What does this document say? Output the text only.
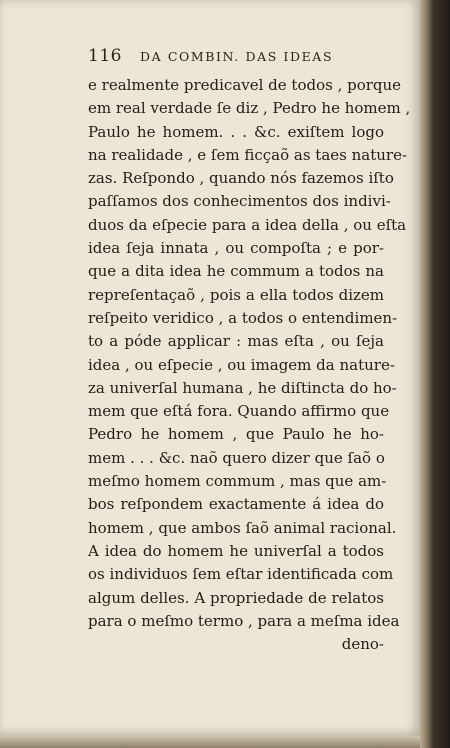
116 DA COMBIN. DAS IDEAS
e realmente predicavel de todos , porque
em real verdade ſe diz , Pedro he homem ,
Paulo he homem. . . &c. exiſtem logo
na realidade , e ſem ficçaõ as taes nature-
zas. Reſpondo , quando nós fazemos iſto
paſſamos dos conhecimentos dos indivi-
duos da eſpecie para a idea della , ou eſta
idea ſeja innata , ou compoſta ; e por-
que a dita idea he commum a todos na
repreſentaçaõ , pois a ella todos dizem
reſpeito veridico , a todos o entendimen-
to a póde applicar : mas eſta , ou ſeja
idea , ou eſpecie , ou imagem da nature-
za univerſal humana , he diſtincta do ho-
mem que eſtá fora. Quando affirmo que
Pedro he homem , que Paulo he ho-
mem . . . &c. naõ quero dizer que ſaõ o
meſmo homem commum , mas que am-
bos reſpondem exactamente á idea do
homem , que ambos ſaõ animal racional.
A idea do homem he univerſal a todos
os individuos ſem eſtar identificada com
algum delles. A propriedade de relatos
para o meſmo termo , para a meſma idea
deno-
